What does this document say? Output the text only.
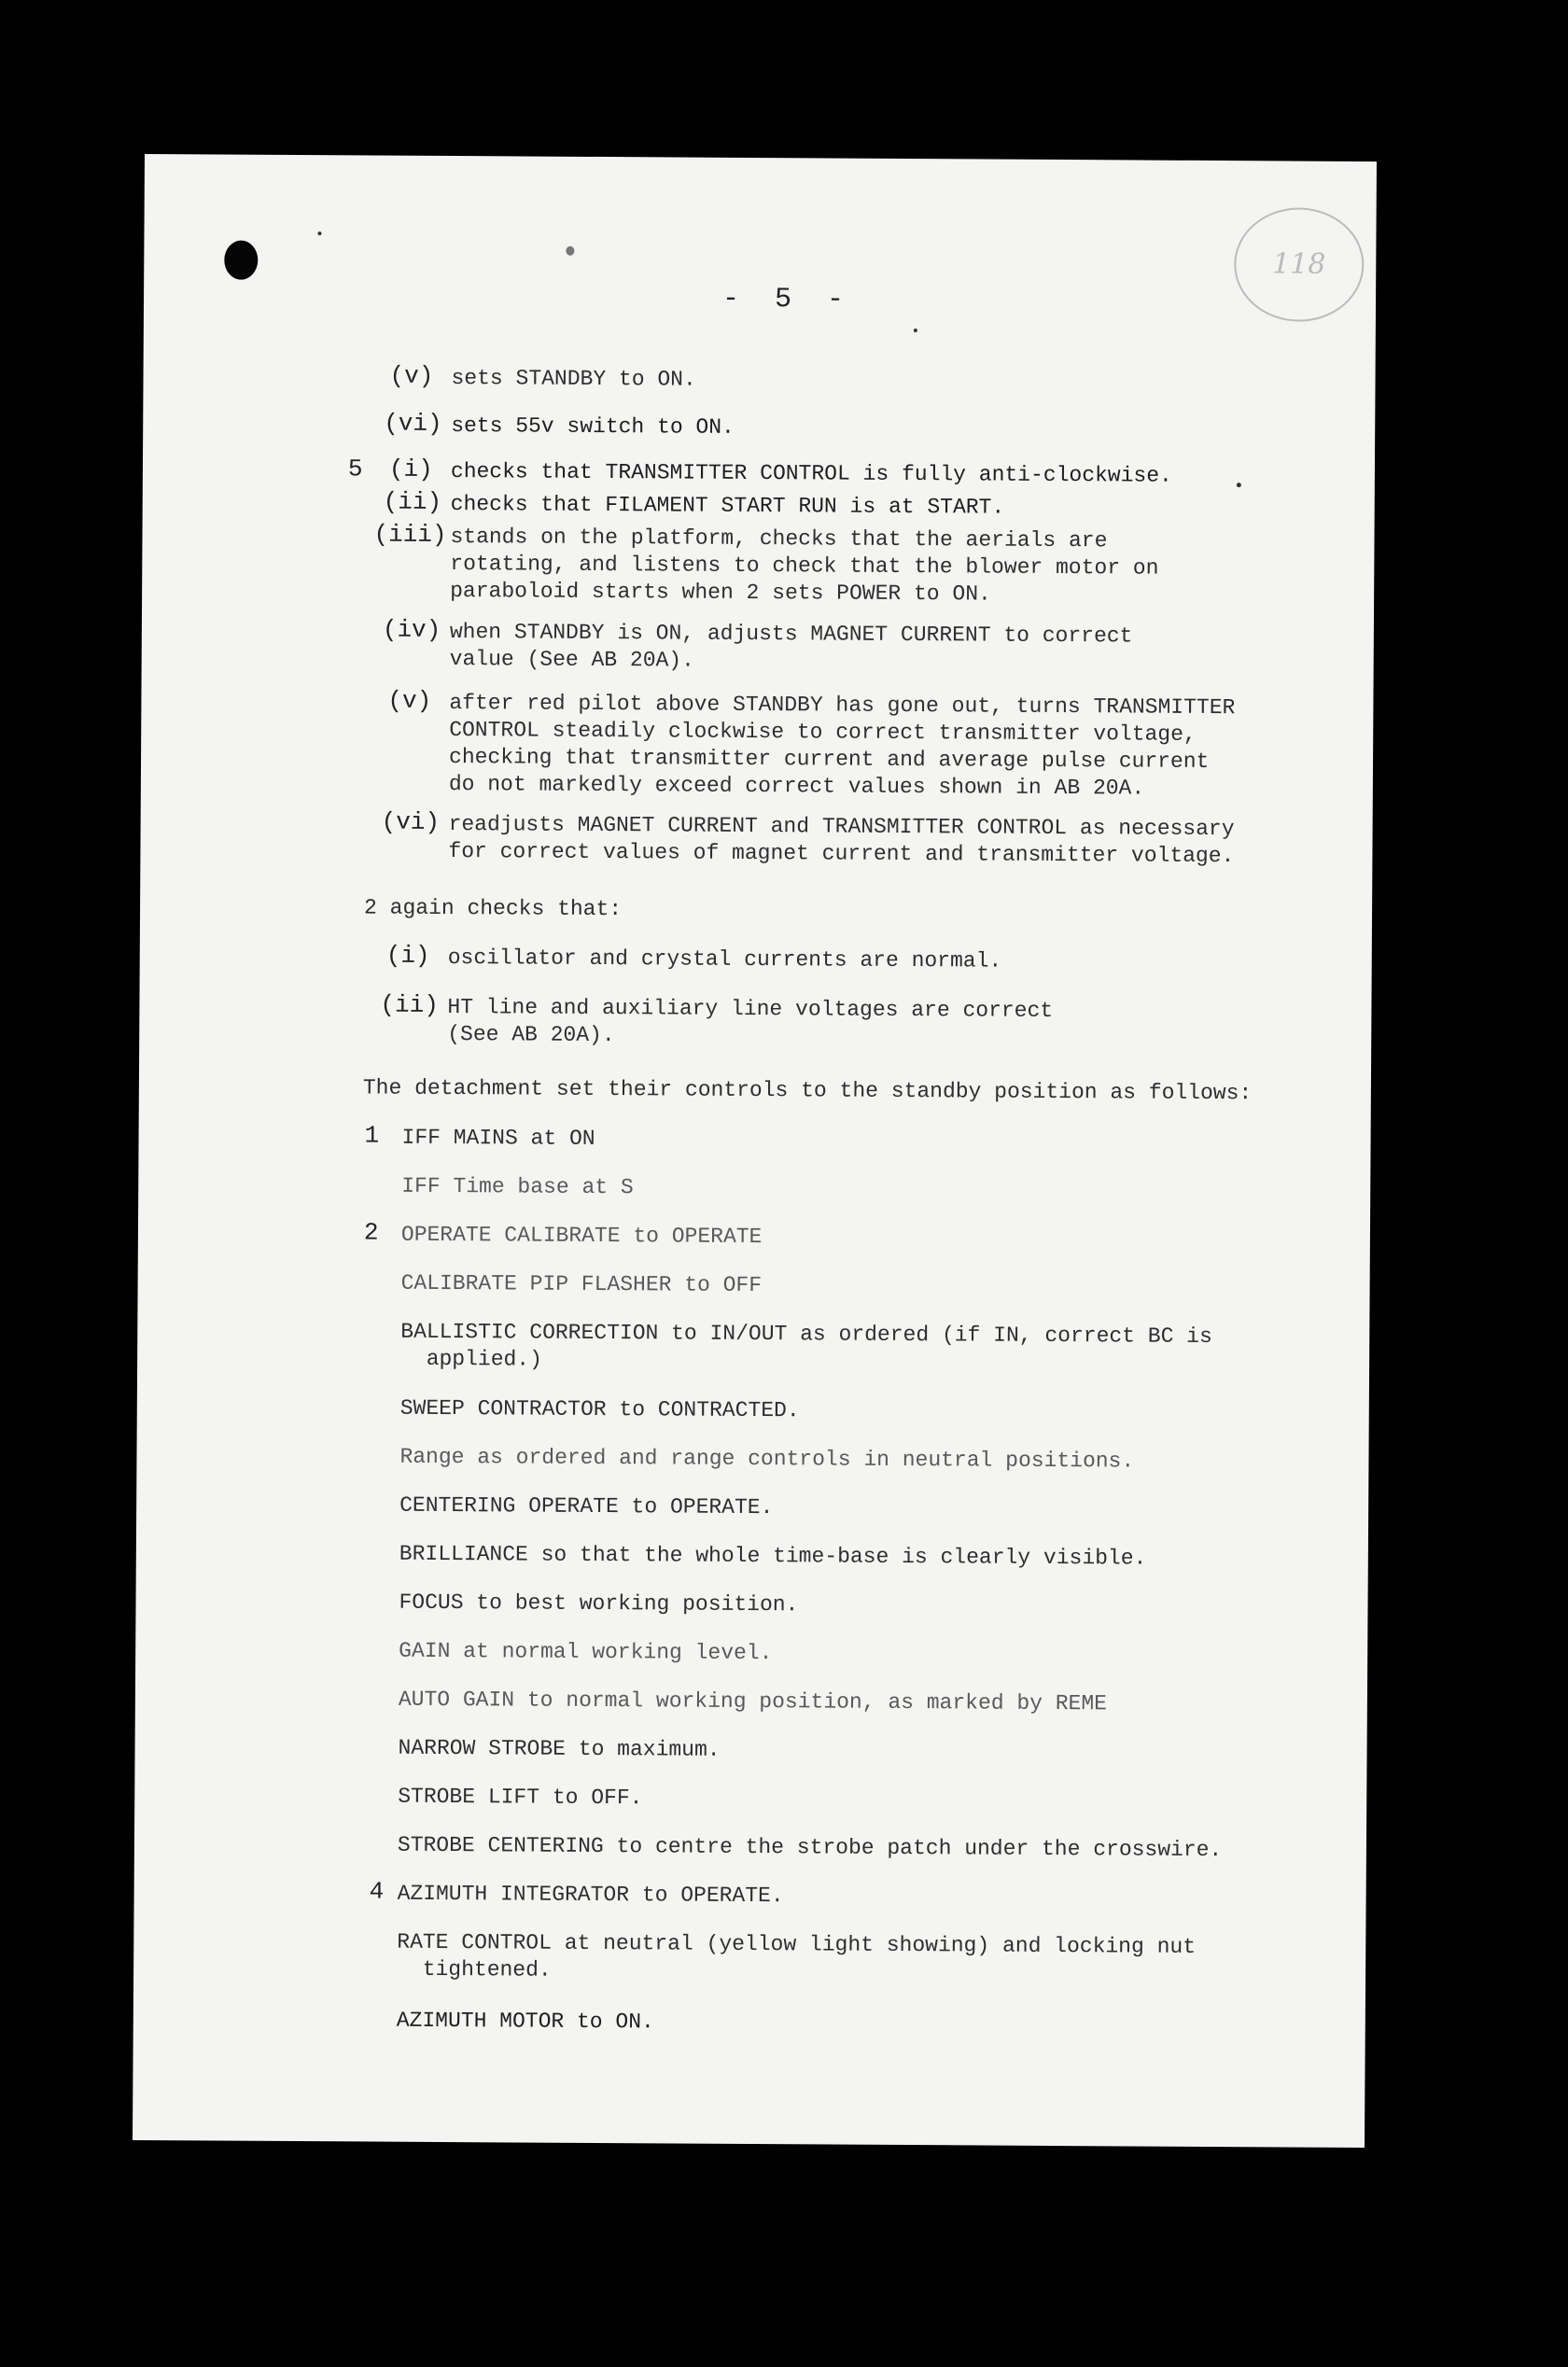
118
- 5 -
(v) sets STANDBY to ON.
(vi) sets 55v switch to ON.
5 (i) checks that TRANSMITTER CONTROL is fully anti-clockwise.
(ii) checks that FILAMENT START RUN is at START.
(iii) stands on the platform, checks that the aerials are
rotating, and listens to check that the blower motor on
paraboloid starts when 2 sets POWER to ON.
(iv) when STANDBY is ON, adjusts MAGNET CURRENT to correct
value (See AB 20A).
(v) after red pilot above STANDBY has gone out, turns TRANSMITTER
CONTROL steadily clockwise to correct transmitter voltage,
checking that transmitter current and average pulse current
do not markedly exceed correct values shown in AB 20A.
(vi) readjusts MAGNET CURRENT and TRANSMITTER CONTROL as necessary
for correct values of magnet current and transmitter voltage.
2 again checks that:
(i) oscillator and crystal currents are normal.
(ii) HT line and auxiliary line voltages are correct
(See AB 20A).
The detachment set their controls to the standby position as follows:
1 IFF MAINS at ON
IFF Time base at S
2 OPERATE CALIBRATE to OPERATE
CALIBRATE PIP FLASHER to OFF
BALLISTIC CORRECTION to IN/OUT as ordered (if IN, correct BC is
applied.)
SWEEP CONTRACTOR to CONTRACTED.
Range as ordered and range controls in neutral positions.
CENTERING OPERATE to OPERATE.
BRILLIANCE so that the whole time-base is clearly visible.
FOCUS to best working position.
GAIN at normal working level.
AUTO GAIN to normal working position, as marked by REME
NARROW STROBE to maximum.
STROBE LIFT to OFF.
STROBE CENTERING to centre the strobe patch under the crosswire.
4 AZIMUTH INTEGRATOR to OPERATE.
RATE CONTROL at neutral (yellow light showing) and locking nut
tightened.
AZIMUTH MOTOR to ON.
